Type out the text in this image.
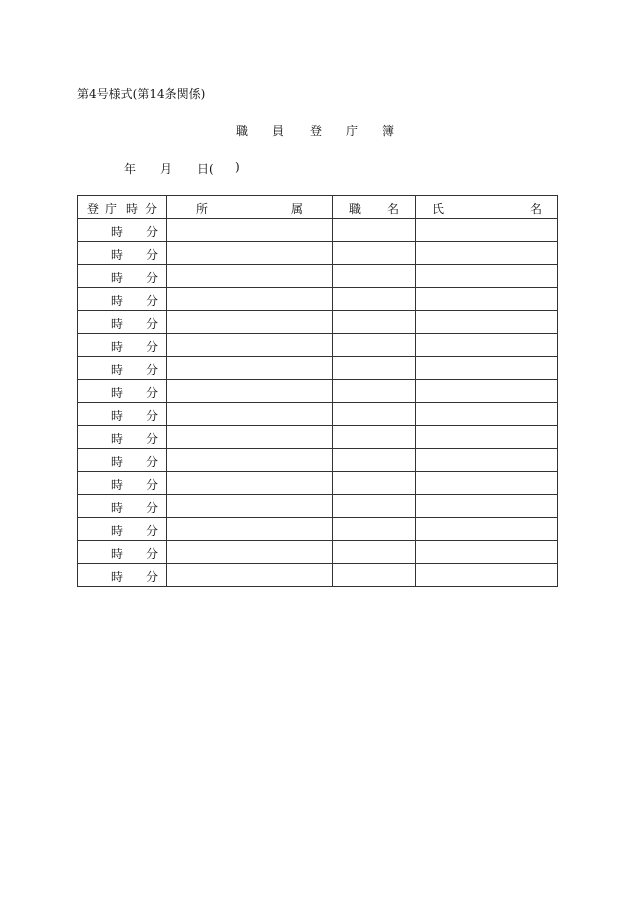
第4号様式(第14条関係)
職 員 登 庁 簿
年 月 日( )
登 庁 時 分	所 属	職 名	氏 名

時 分			

時 分			

時 分			

時 分			

時 分			

時 分			

時 分			

時 分			

時 分			

時 分			

時 分			

時 分			

時 分			

時 分			

時 分			

時 分			
